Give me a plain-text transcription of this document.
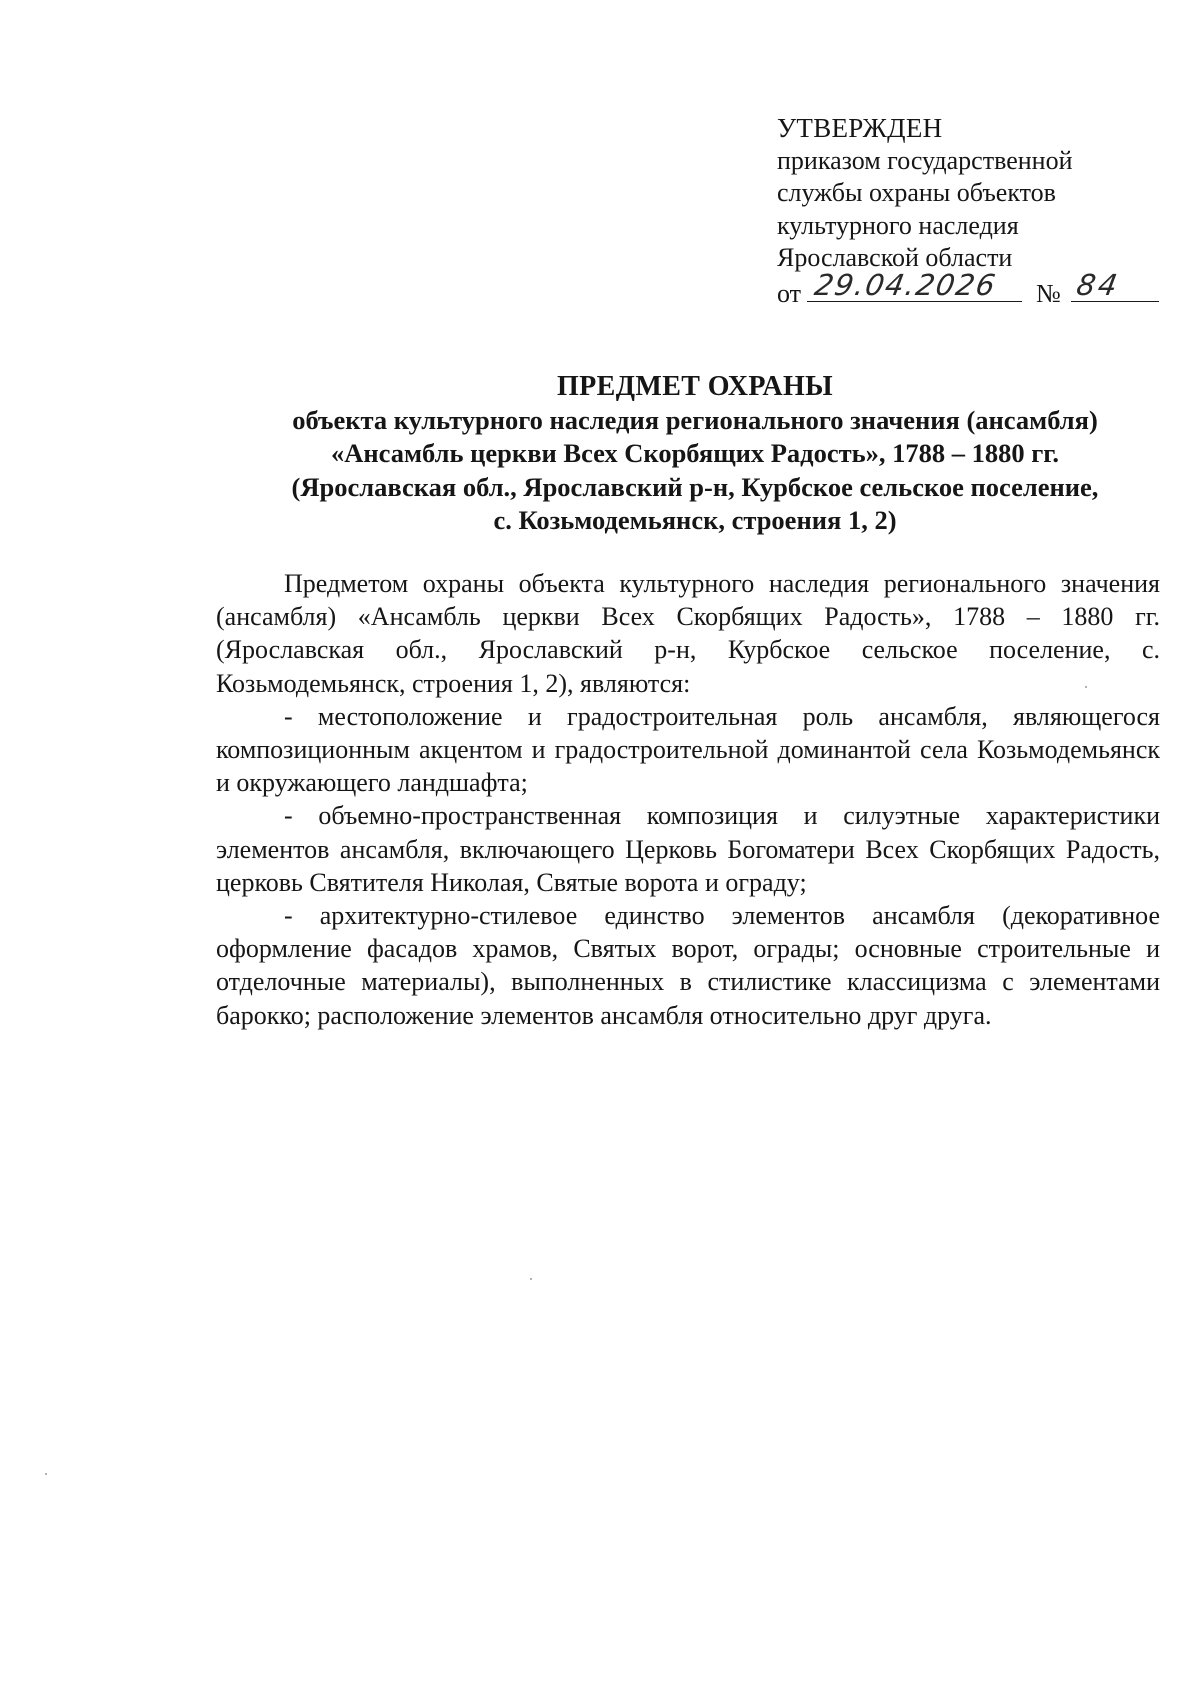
УТВЕРЖДЕН
приказом государственной
службы охраны объектов
культурного наследия
Ярославской области
от 29.04.2026 № 84
ПРЕДМЕТ ОХРАНЫ
объекта культурного наследия регионального значения (ансамбля)
«Ансамбль церкви Всех Скорбящих Радость», 1788 – 1880 гг.
(Ярославская обл., Ярославский р-н, Курбское сельское поселение,
с. Козьмодемьянск, строения 1, 2)

Предметом охраны объекта культурного наследия регионального значения (ансамбля) «Ансамбль церкви Всех Скорбящих Радость», 1788 – 1880 гг. (Ярославская обл., Ярославский р-н, Курбское сельское поселение, с. Козьмодемьянск, строения 1, 2), являются:

- местоположение и градостроительная роль ансамбля, являющегося композиционным акцентом и градостроительной доминантой села Козьмодемьянск и окружающего ландшафта;

- объемно-пространственная композиция и силуэтные характеристики элементов ансамбля, включающего Церковь Богоматери Всех Скорбящих Радость, церковь Святителя Николая, Святые ворота и ограду;

- архитектурно-стилевое единство элементов ансамбля (декоративное оформление фасадов храмов, Святых ворот, ограды; основные строительные и отделочные материалы), выполненных в стилистике классицизма с элементами барокко; расположение элементов ансамбля относительно друг друга.
